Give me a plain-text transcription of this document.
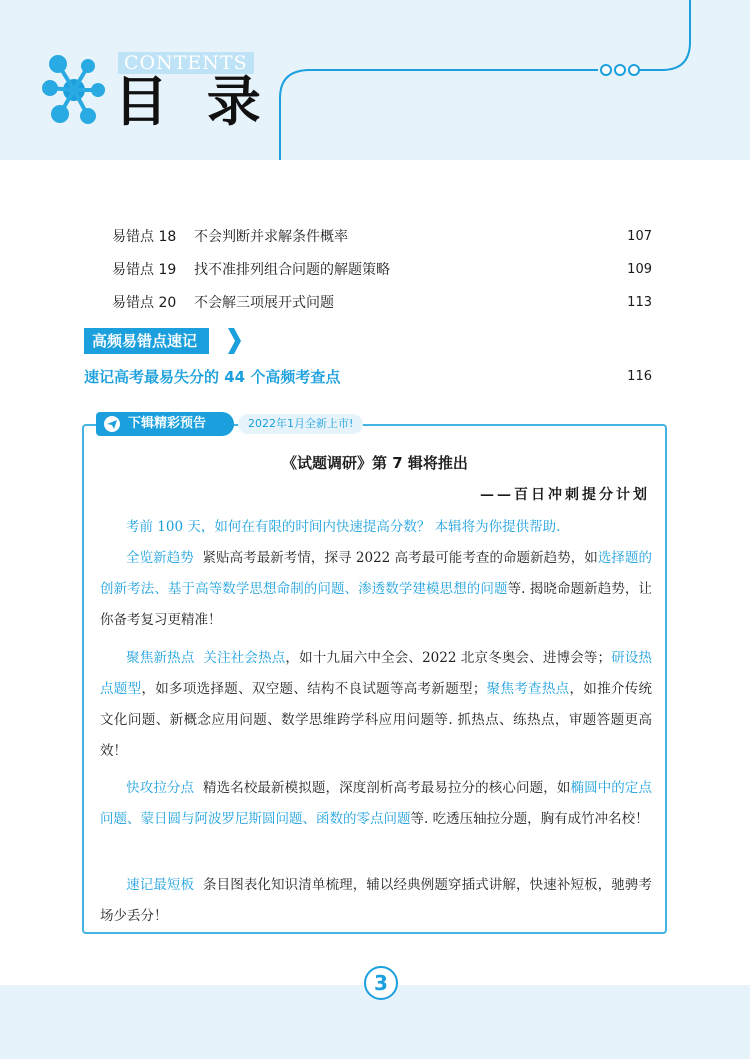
CONTENTS
目 录
易错点 18 不会判断并求解条件概率	107
易错点 19 找不准排列组合问题的解题策略	109
易错点 20 不会解三项展开式问题	113
高频易错点速记
速记高考最易失分的 44 个高频考查点	116
下辑精彩预告	2022年1月全新上市!
《试题调研》第 7 辑将推出
——百日冲刺提分计划
考前 100 天，如何在有限的时间内快速提高分数？ 本辑将为你提供帮助.
全览新趋势 紧贴高考最新考情，探寻 2022 高考最可能考查的命题新趋势，如选择题的创新考法、基于高等数学思想命制的问题、渗透数学建模思想的问题等. 揭晓命题新趋势，让你备考复习更精准！
聚焦新热点 关注社会热点，如十九届六中全会、2022 北京冬奥会、进博会等；研设热点题型，如多项选择题、双空题、结构不良试题等高考新题型；聚焦考查热点，如推介传统文化问题、新概念应用问题、数学思维跨学科应用问题等. 抓热点、练热点，审题答题更高效！
快攻拉分点 精选名校最新模拟题，深度剖析高考最易拉分的核心问题，如椭圆中的定点问题、蒙日圆与阿波罗尼斯圆问题、函数的零点问题等. 吃透压轴拉分题，胸有成竹冲名校！
速记最短板 条目图表化知识清单梳理，辅以经典例题穿插式讲解，快速补短板，驰骋考场少丢分！
3
